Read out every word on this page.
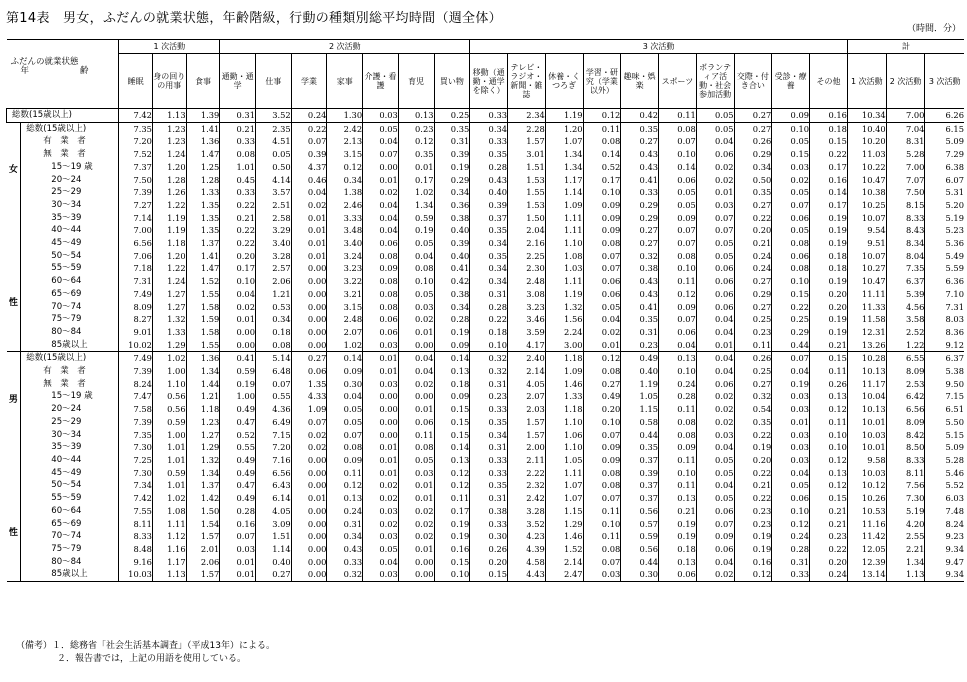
第14表　男女，ふだんの就業状態，年齢階級，行動の種類別総平均時間（週全体）
（時間．分）
ふだんの就業状態
年　　　　　　齢		1 次活動			2 次活動							3 次活動										計		
		睡眠	身の回りの用事	食事	通勤・通学	仕事	学業	家事	介護・看護	育児	買い物	移動（通勤・通学を除く）	テレビ・ラジオ・新聞・雑誌	休養・くつろぎ	学習・研究（学業以外）	趣味・娯楽	スポーツ	ボランティア活動・社会参加活動	交際・付き合い	受診・療養	その他	1 次活動	2 次活動	3 次活動
総数(15歳以上)		7.42	1.13	1.39	0.31	3.52	0.24	1.30	0.03	0.13	0.25	0.33	2.34	1.19	0.12	0.42	0.11	0.05	0.27	0.09	0.16	10.34	7.00	6.26

女
性	総数(15歳以上)	7.35	1.23	1.41	0.21	2.35	0.22	2.42	0.05	0.23	0.35	0.34	2.28	1.20	0.11	0.35	0.08	0.05	0.27	0.10	0.18	10.40	7.04	6.15
	有　業　者	7.20	1.23	1.36	0.33	4.51	0.07	2.13	0.04	0.12	0.31	0.33	1.57	1.07	0.08	0.27	0.07	0.04	0.26	0.05	0.15	10.20	8.31	5.09
	無　業　者	7.52	1.24	1.47	0.08	0.05	0.39	3.15	0.07	0.35	0.39	0.35	3.01	1.34	0.14	0.43	0.10	0.06	0.29	0.15	0.22	11.03	5.28	7.29
	15〜19 歳	7.37	1.20	1.25	1.01	0.50	4.37	0.12	0.00	0.01	0.19	0.28	1.51	1.34	0.52	0.43	0.14	0.02	0.34	0.03	0.17	10.22	7.00	6.38
	20〜24	7.50	1.28	1.28	0.45	4.14	0.46	0.34	0.01	0.17	0.29	0.43	1.53	1.17	0.17	0.41	0.06	0.02	0.50	0.02	0.16	10.47	7.07	6.07
	25〜29	7.39	1.26	1.33	0.33	3.57	0.04	1.38	0.02	1.02	0.34	0.40	1.55	1.14	0.10	0.33	0.05	0.01	0.35	0.05	0.14	10.38	7.50	5.31
	30〜34	7.27	1.22	1.35	0.22	2.51	0.02	2.46	0.04	1.34	0.36	0.39	1.53	1.09	0.09	0.29	0.05	0.03	0.27	0.07	0.17	10.25	8.15	5.20
	35〜39	7.14	1.19	1.35	0.21	2.58	0.01	3.33	0.04	0.59	0.38	0.37	1.50	1.11	0.09	0.29	0.09	0.07	0.22	0.06	0.19	10.07	8.33	5.19
	40〜44	7.00	1.19	1.35	0.22	3.29	0.01	3.48	0.04	0.19	0.40	0.35	2.04	1.11	0.09	0.27	0.07	0.07	0.20	0.05	0.19	9.54	8.43	5.23
	45〜49	6.56	1.18	1.37	0.22	3.40	0.01	3.40	0.06	0.05	0.39	0.34	2.16	1.10	0.08	0.27	0.07	0.05	0.21	0.08	0.19	9.51	8.34	5.36
	50〜54	7.06	1.20	1.41	0.20	3.28	0.01	3.24	0.08	0.04	0.40	0.35	2.25	1.08	0.07	0.32	0.08	0.05	0.24	0.06	0.18	10.07	8.04	5.49
	55〜59	7.18	1.22	1.47	0.17	2.57	0.00	3.23	0.09	0.08	0.41	0.34	2.30	1.03	0.07	0.38	0.10	0.06	0.24	0.08	0.18	10.27	7.35	5.59
	60〜64	7.31	1.24	1.52	0.10	2.06	0.00	3.22	0.08	0.10	0.42	0.34	2.48	1.11	0.06	0.43	0.11	0.06	0.27	0.10	0.19	10.47	6.37	6.36
	65〜69	7.49	1.27	1.55	0.04	1.21	0.00	3.21	0.08	0.05	0.38	0.31	3.08	1.19	0.06	0.43	0.12	0.06	0.29	0.15	0.20	11.11	5.39	7.10
	70〜74	8.09	1.27	1.58	0.02	0.53	0.00	3.15	0.08	0.03	0.34	0.28	3.23	1.32	0.05	0.41	0.09	0.06	0.27	0.22	0.20	11.33	4.56	7.31
	75〜79	8.27	1.32	1.59	0.01	0.34	0.00	2.48	0.06	0.02	0.28	0.22	3.46	1.56	0.04	0.35	0.07	0.04	0.25	0.25	0.19	11.58	3.58	8.03
	80〜84	9.01	1.33	1.58	0.00	0.18	0.00	2.07	0.06	0.01	0.19	0.18	3.59	2.24	0.02	0.31	0.06	0.04	0.23	0.29	0.19	12.31	2.52	8.36
	85歳以上	10.02	1.29	1.55	0.00	0.08	0.00	1.02	0.03	0.00	0.09	0.10	4.17	3.00	0.01	0.23	0.04	0.01	0.11	0.44	0.21	13.26	1.22	9.12

男
性	総数(15歳以上)	7.49	1.02	1.36	0.41	5.14	0.27	0.14	0.01	0.04	0.14	0.32	2.40	1.18	0.12	0.49	0.13	0.04	0.26	0.07	0.15	10.28	6.55	6.37
	有　業　者	7.39	1.00	1.34	0.59	6.48	0.06	0.09	0.01	0.04	0.13	0.32	2.14	1.09	0.08	0.40	0.10	0.04	0.25	0.04	0.11	10.13	8.09	5.38
	無　業　者	8.24	1.10	1.44	0.19	0.07	1.35	0.30	0.03	0.02	0.18	0.31	4.05	1.46	0.27	1.19	0.24	0.06	0.27	0.19	0.26	11.17	2.53	9.50
	15〜19 歳	7.47	0.56	1.21	1.00	0.55	4.33	0.04	0.00	0.00	0.09	0.23	2.07	1.33	0.49	1.05	0.28	0.02	0.32	0.03	0.13	10.04	6.42	7.15
	20〜24	7.58	0.56	1.18	0.49	4.36	1.09	0.05	0.00	0.01	0.15	0.33	2.03	1.18	0.20	1.15	0.11	0.02	0.54	0.03	0.12	10.13	6.56	6.51
	25〜29	7.39	0.59	1.23	0.47	6.49	0.07	0.05	0.00	0.06	0.15	0.35	1.57	1.10	0.10	0.58	0.08	0.02	0.35	0.01	0.11	10.01	8.09	5.50
	30〜34	7.35	1.00	1.27	0.52	7.15	0.02	0.07	0.00	0.11	0.15	0.34	1.57	1.06	0.07	0.44	0.08	0.03	0.22	0.03	0.10	10.03	8.42	5.15
	35〜39	7.30	1.01	1.29	0.55	7.20	0.02	0.08	0.01	0.08	0.14	0.31	2.00	1.10	0.09	0.35	0.09	0.04	0.19	0.03	0.10	10.01	8.50	5.09
	40〜44	7.25	1.01	1.32	0.49	7.16	0.00	0.09	0.01	0.05	0.13	0.33	2.11	1.05	0.09	0.37	0.11	0.05	0.20	0.03	0.12	9.58	8.33	5.28
	45〜49	7.30	0.59	1.34	0.49	6.56	0.00	0.11	0.01	0.03	0.12	0.33	2.22	1.11	0.08	0.39	0.10	0.05	0.22	0.04	0.13	10.03	8.11	5.46
	50〜54	7.34	1.01	1.37	0.47	6.43	0.00	0.12	0.02	0.01	0.12	0.35	2.32	1.07	0.08	0.37	0.11	0.04	0.21	0.05	0.12	10.12	7.56	5.52
	55〜59	7.42	1.02	1.42	0.49	6.14	0.01	0.13	0.02	0.01	0.11	0.31	2.42	1.07	0.07	0.37	0.13	0.05	0.22	0.06	0.15	10.26	7.30	6.03
	60〜64	7.55	1.08	1.50	0.28	4.05	0.00	0.24	0.03	0.02	0.17	0.38	3.28	1.15	0.11	0.56	0.21	0.06	0.23	0.10	0.21	10.53	5.19	7.48
	65〜69	8.11	1.11	1.54	0.16	3.09	0.00	0.31	0.02	0.02	0.19	0.33	3.52	1.29	0.10	0.57	0.19	0.07	0.23	0.12	0.21	11.16	4.20	8.24
	70〜74	8.33	1.12	1.57	0.07	1.51	0.00	0.34	0.03	0.02	0.19	0.30	4.23	1.46	0.11	0.59	0.19	0.09	0.19	0.24	0.23	11.42	2.55	9.23
	75〜79	8.48	1.16	2.01	0.03	1.14	0.00	0.43	0.05	0.01	0.16	0.26	4.39	1.52	0.08	0.56	0.18	0.06	0.19	0.28	0.22	12.05	2.21	9.34
	80〜84	9.16	1.17	2.06	0.01	0.40	0.00	0.33	0.04	0.00	0.15	0.20	4.58	2.14	0.07	0.44	0.13	0.04	0.16	0.31	0.20	12.39	1.34	9.47
	85歳以上	10.03	1.13	1.57	0.01	0.27	0.00	0.32	0.03	0.00	0.10	0.15	4.43	2.47	0.03	0.30	0.06	0.02	0.12	0.33	0.24	13.14	1.13	9.34
（備考）１．総務省「社会生活基本調査」（平成13年）による。
２．報告書では，上記の用語を使用している。
